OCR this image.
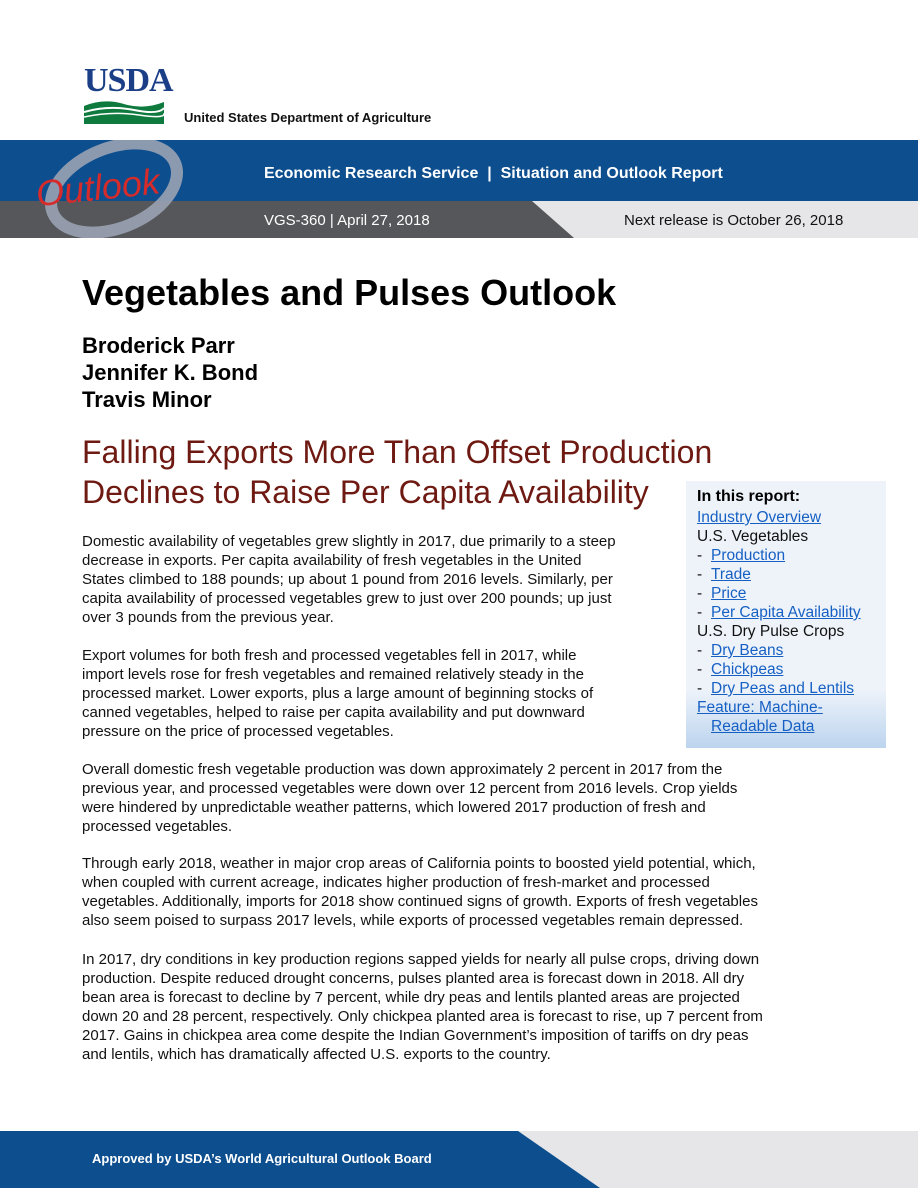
USDA
United States Department of Agriculture
Outlook	Economic Research Service  |  Situation and Outlook Report
VGS-360 | April 27, 2018	Next release is October 26, 2018
Vegetables and Pulses Outlook
Broderick Parr
Jennifer K. Bond
Travis Minor
Falling Exports More Than Offset Production
Declines to Raise Per Capita Availability	In this report:
Industry Overview
U.S. Vegetables
- Production
- Trade
- Price
- Per Capita Availability
U.S. Dry Pulse Crops
- Dry Beans
- Chickpeas
- Dry Peas and Lentils
Feature: Machine-
Readable Data
Domestic availability of vegetables grew slightly in 2017, due primarily to a steep
decrease in exports. Per capita availability of fresh vegetables in the United
States climbed to 188 pounds; up about 1 pound from 2016 levels. Similarly, per
capita availability of processed vegetables grew to just over 200 pounds; up just
over 3 pounds from the previous year.
Export volumes for both fresh and processed vegetables fell in 2017, while
import levels rose for fresh vegetables and remained relatively steady in the
processed market. Lower exports, plus a large amount of beginning stocks of
canned vegetables, helped to raise per capita availability and put downward
pressure on the price of processed vegetables.
Overall domestic fresh vegetable production was down approximately 2 percent in 2017 from the
previous year, and processed vegetables were down over 12 percent from 2016 levels. Crop yields
were hindered by unpredictable weather patterns, which lowered 2017 production of fresh and
processed vegetables.
Through early 2018, weather in major crop areas of California points to boosted yield potential, which,
when coupled with current acreage, indicates higher production of fresh-market and processed
vegetables. Additionally, imports for 2018 show continued signs of growth. Exports of fresh vegetables
also seem poised to surpass 2017 levels, while exports of processed vegetables remain depressed.
In 2017, dry conditions in key production regions sapped yields for nearly all pulse crops, driving down
production. Despite reduced drought concerns, pulses planted area is forecast down in 2018. All dry
bean area is forecast to decline by 7 percent, while dry peas and lentils planted areas are projected
down 20 and 28 percent, respectively. Only chickpea planted area is forecast to rise, up 7 percent from
2017. Gains in chickpea area come despite the Indian Government’s imposition of tariffs on dry peas
and lentils, which has dramatically affected U.S. exports to the country.
Approved by USDA’s World Agricultural Outlook Board
